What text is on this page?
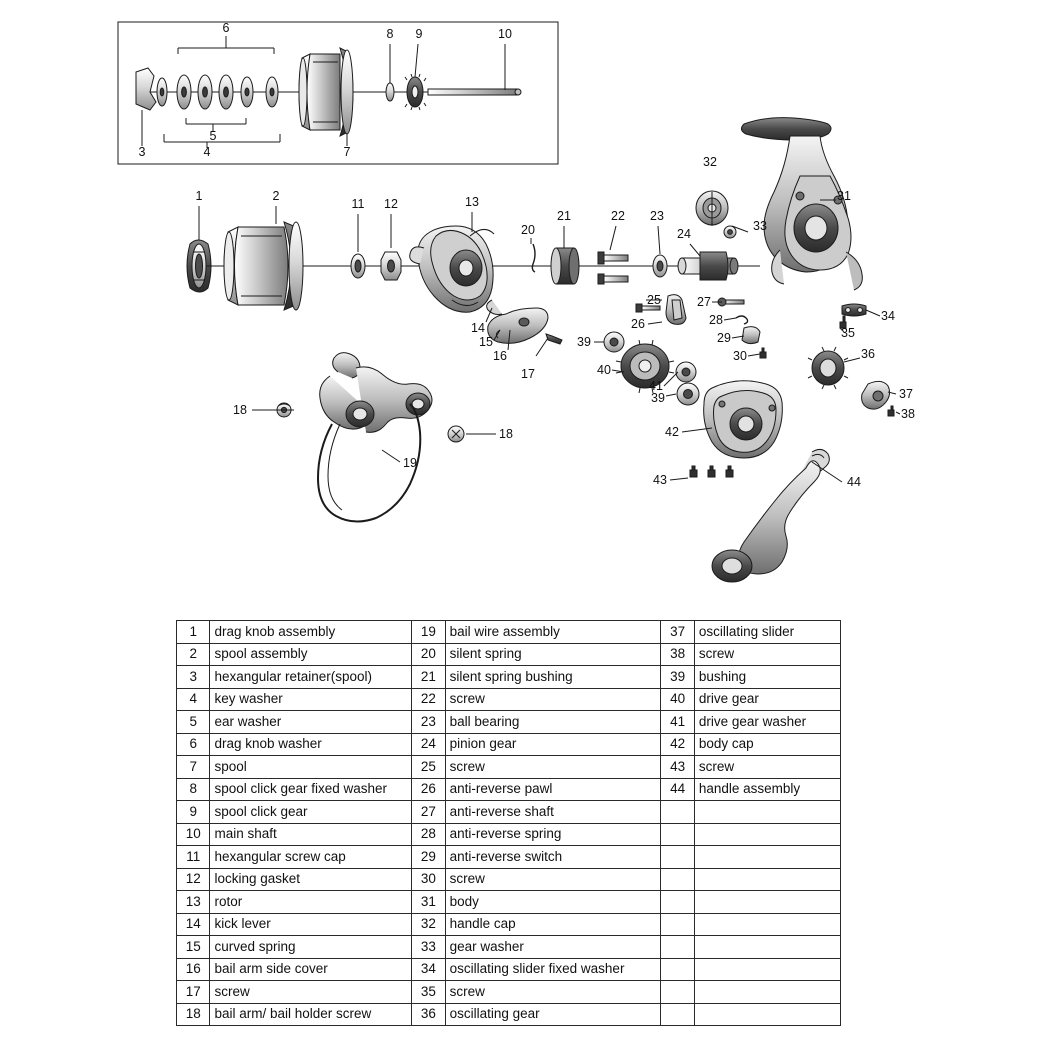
6
5
4
3	7
8 9	10
1	2
11 12	13
20
21	22 23
24
32
33
31
34
35
36
37
38
14
15
16
17
39
39
40
41
42
43	44
18
18
19
25
26
27
28
29
30
1	drag knob assembly	19	bail wire assembly	37	oscillating slider
2	spool assembly	20	silent spring	38	screw
3	hexangular retainer(spool)	21	silent spring bushing	39	bushing
4	key washer	22	screw	40	drive gear
5	ear washer	23	ball bearing	41	drive gear washer
6	drag knob washer	24	pinion gear	42	body cap
7	spool	25	screw	43	screw
8	spool click gear fixed washer	26	anti-reverse pawl	44	handle assembly
9	spool click gear	27	anti-reverse shaft		
10	main shaft	28	anti-reverse spring		
11	hexangular screw cap	29	anti-reverse switch		
12	locking gasket	30	screw		
13	rotor	31	body		
14	kick lever	32	handle cap		
15	curved spring	33	gear washer		
16	bail arm side cover	34	oscillating slider fixed washer		
17	screw	35	screw		
18	bail arm/ bail holder screw	36	oscillating gear		
